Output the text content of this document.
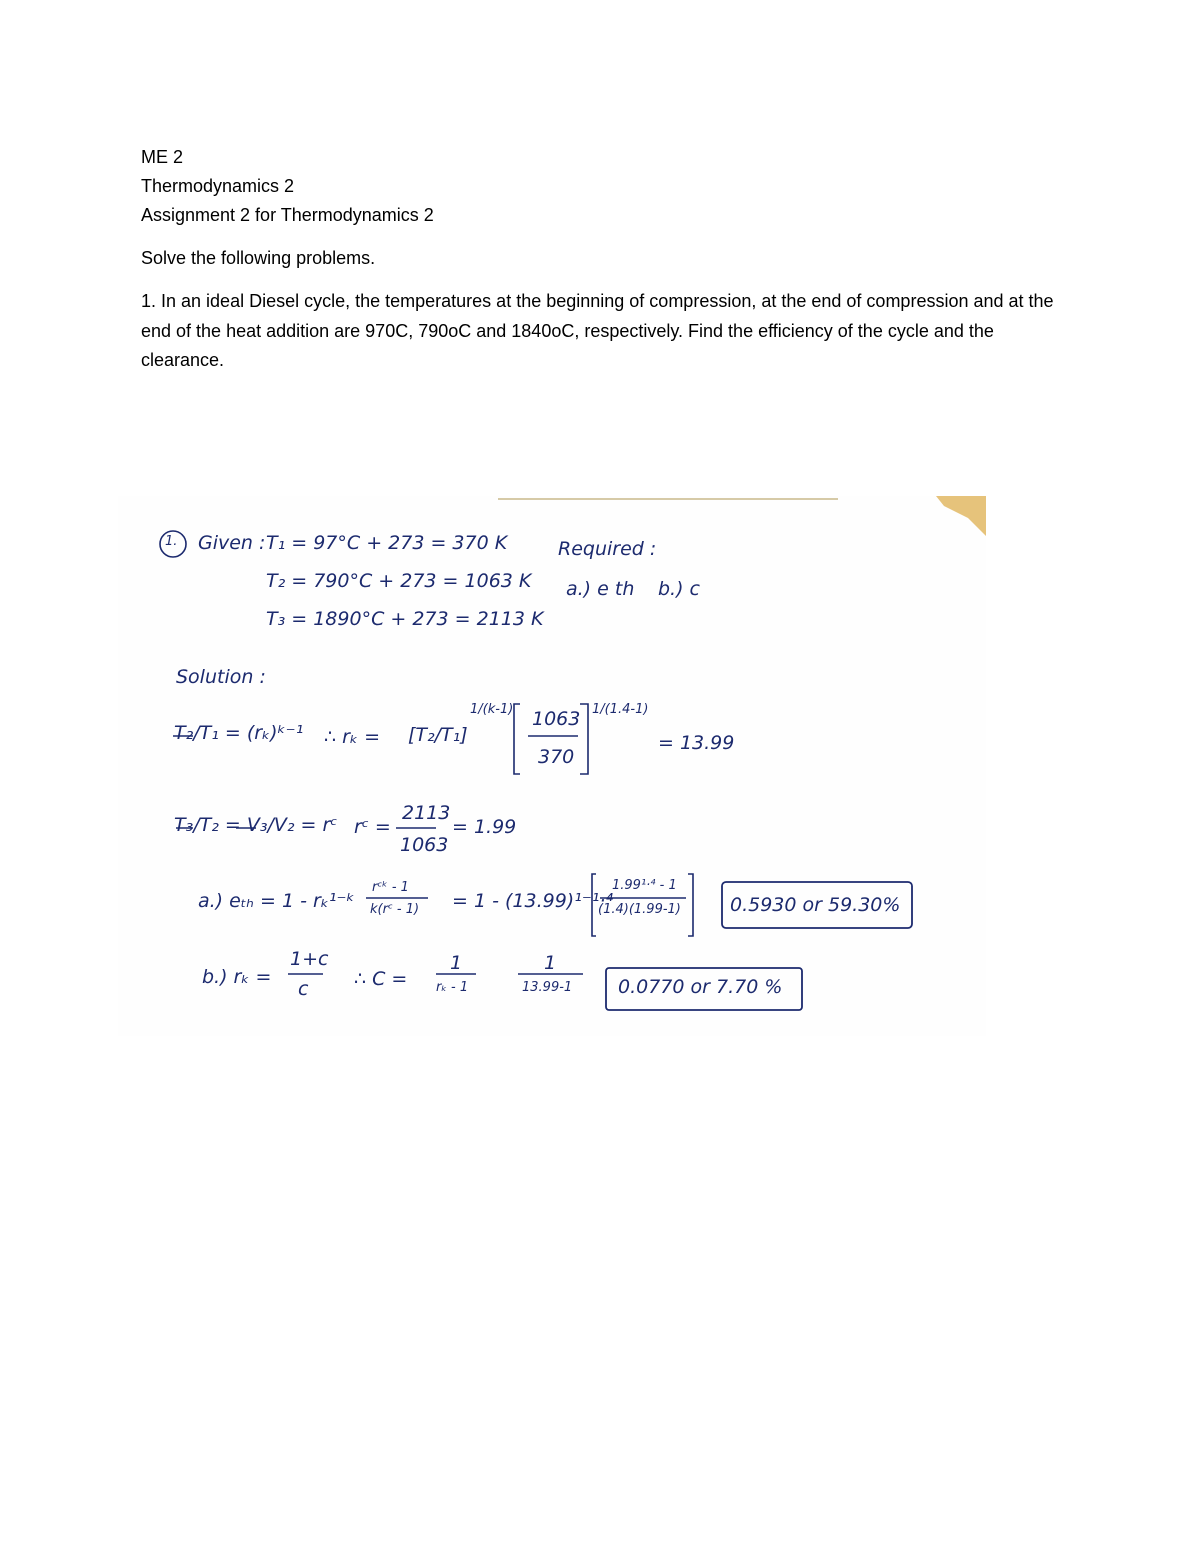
ME 2
Thermodynamics 2
Assignment 2 for Thermodynamics 2
Solve the following problems.
1. In an ideal Diesel cycle, the temperatures at the beginning of compression, at the end of compression and at the end of the heat addition are 970C, 790oC and 1840oC, respectively. Find the efficiency of the cycle and the clearance.
1. Given : T₁ = 97°C + 273 = 370 K
T₂ = 790°C + 273 = 1063 K
T₃ = 1890°C + 273 = 2113 K
Required :
a.) e th b.) c
Solution :
T₂/T₁ = (rₖ)ᵏ⁻¹ ∴ rₖ = [T₂/T₁]
1/(k-1) 1063
370
1/(1.4-1)
= 13.99
T₃/T₂ = V₃/V₂ = rᶜ rᶜ =
2113
1063
= 1.99
a.) eₜₕ = 1 - rₖ¹⁻ᵏ
rᶜᵏ - 1
k(rᶜ - 1) = 1 - (13.99)¹⁻¹·⁴
1.99¹·⁴ - 1
(1.4)(1.99-1)	0.5930 or 59.30%
b.) rₖ =
1+c
c ∴ C =
1
rₖ - 1
1
13.99-1 0.0770 or 7.70 %
